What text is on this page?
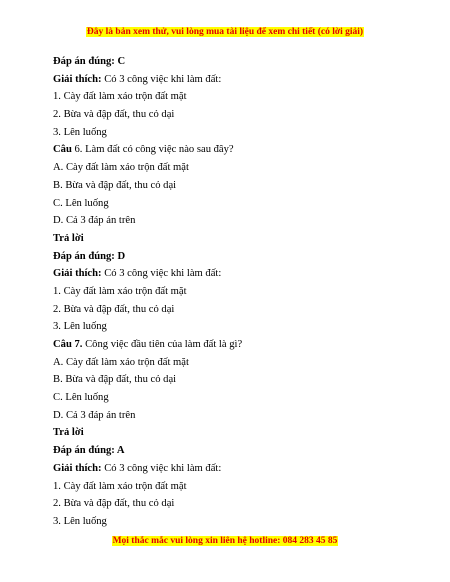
Đây là bản xem thử, vui lòng mua tài liệu để xem chi tiết (có lời giải)
Đáp án đúng: C
Giải thích: Có 3 công việc khi làm đất:
1. Cày đất làm xáo trộn đất mặt
2. Bừa và đập đất, thu cỏ dại
3. Lên luống
Câu 6. Làm đất có công việc nào sau đây?
A. Cày đất làm xáo trộn đất mặt
B. Bừa và đập đất, thu cỏ dại
C. Lên luống
D. Cả 3 đáp án trên
Trả lời
Đáp án đúng: D
Giải thích: Có 3 công việc khi làm đất:
1. Cày đất làm xáo trộn đất mặt
2. Bừa và đập đất, thu cỏ dại
3. Lên luống
Câu 7. Công việc đầu tiên của làm đất là gì?
A. Cày đất làm xáo trộn đất mặt
B. Bừa và đập đất, thu cỏ dại
C. Lên luống
D. Cả 3 đáp án trên
Trả lời
Đáp án đúng: A
Giải thích: Có 3 công việc khi làm đất:
1. Cày đất làm xáo trộn đất mặt
2. Bừa và đập đất, thu cỏ dại
3. Lên luống
Mọi thắc mắc vui lòng xin liên hệ hotline: 084 283 45 85
